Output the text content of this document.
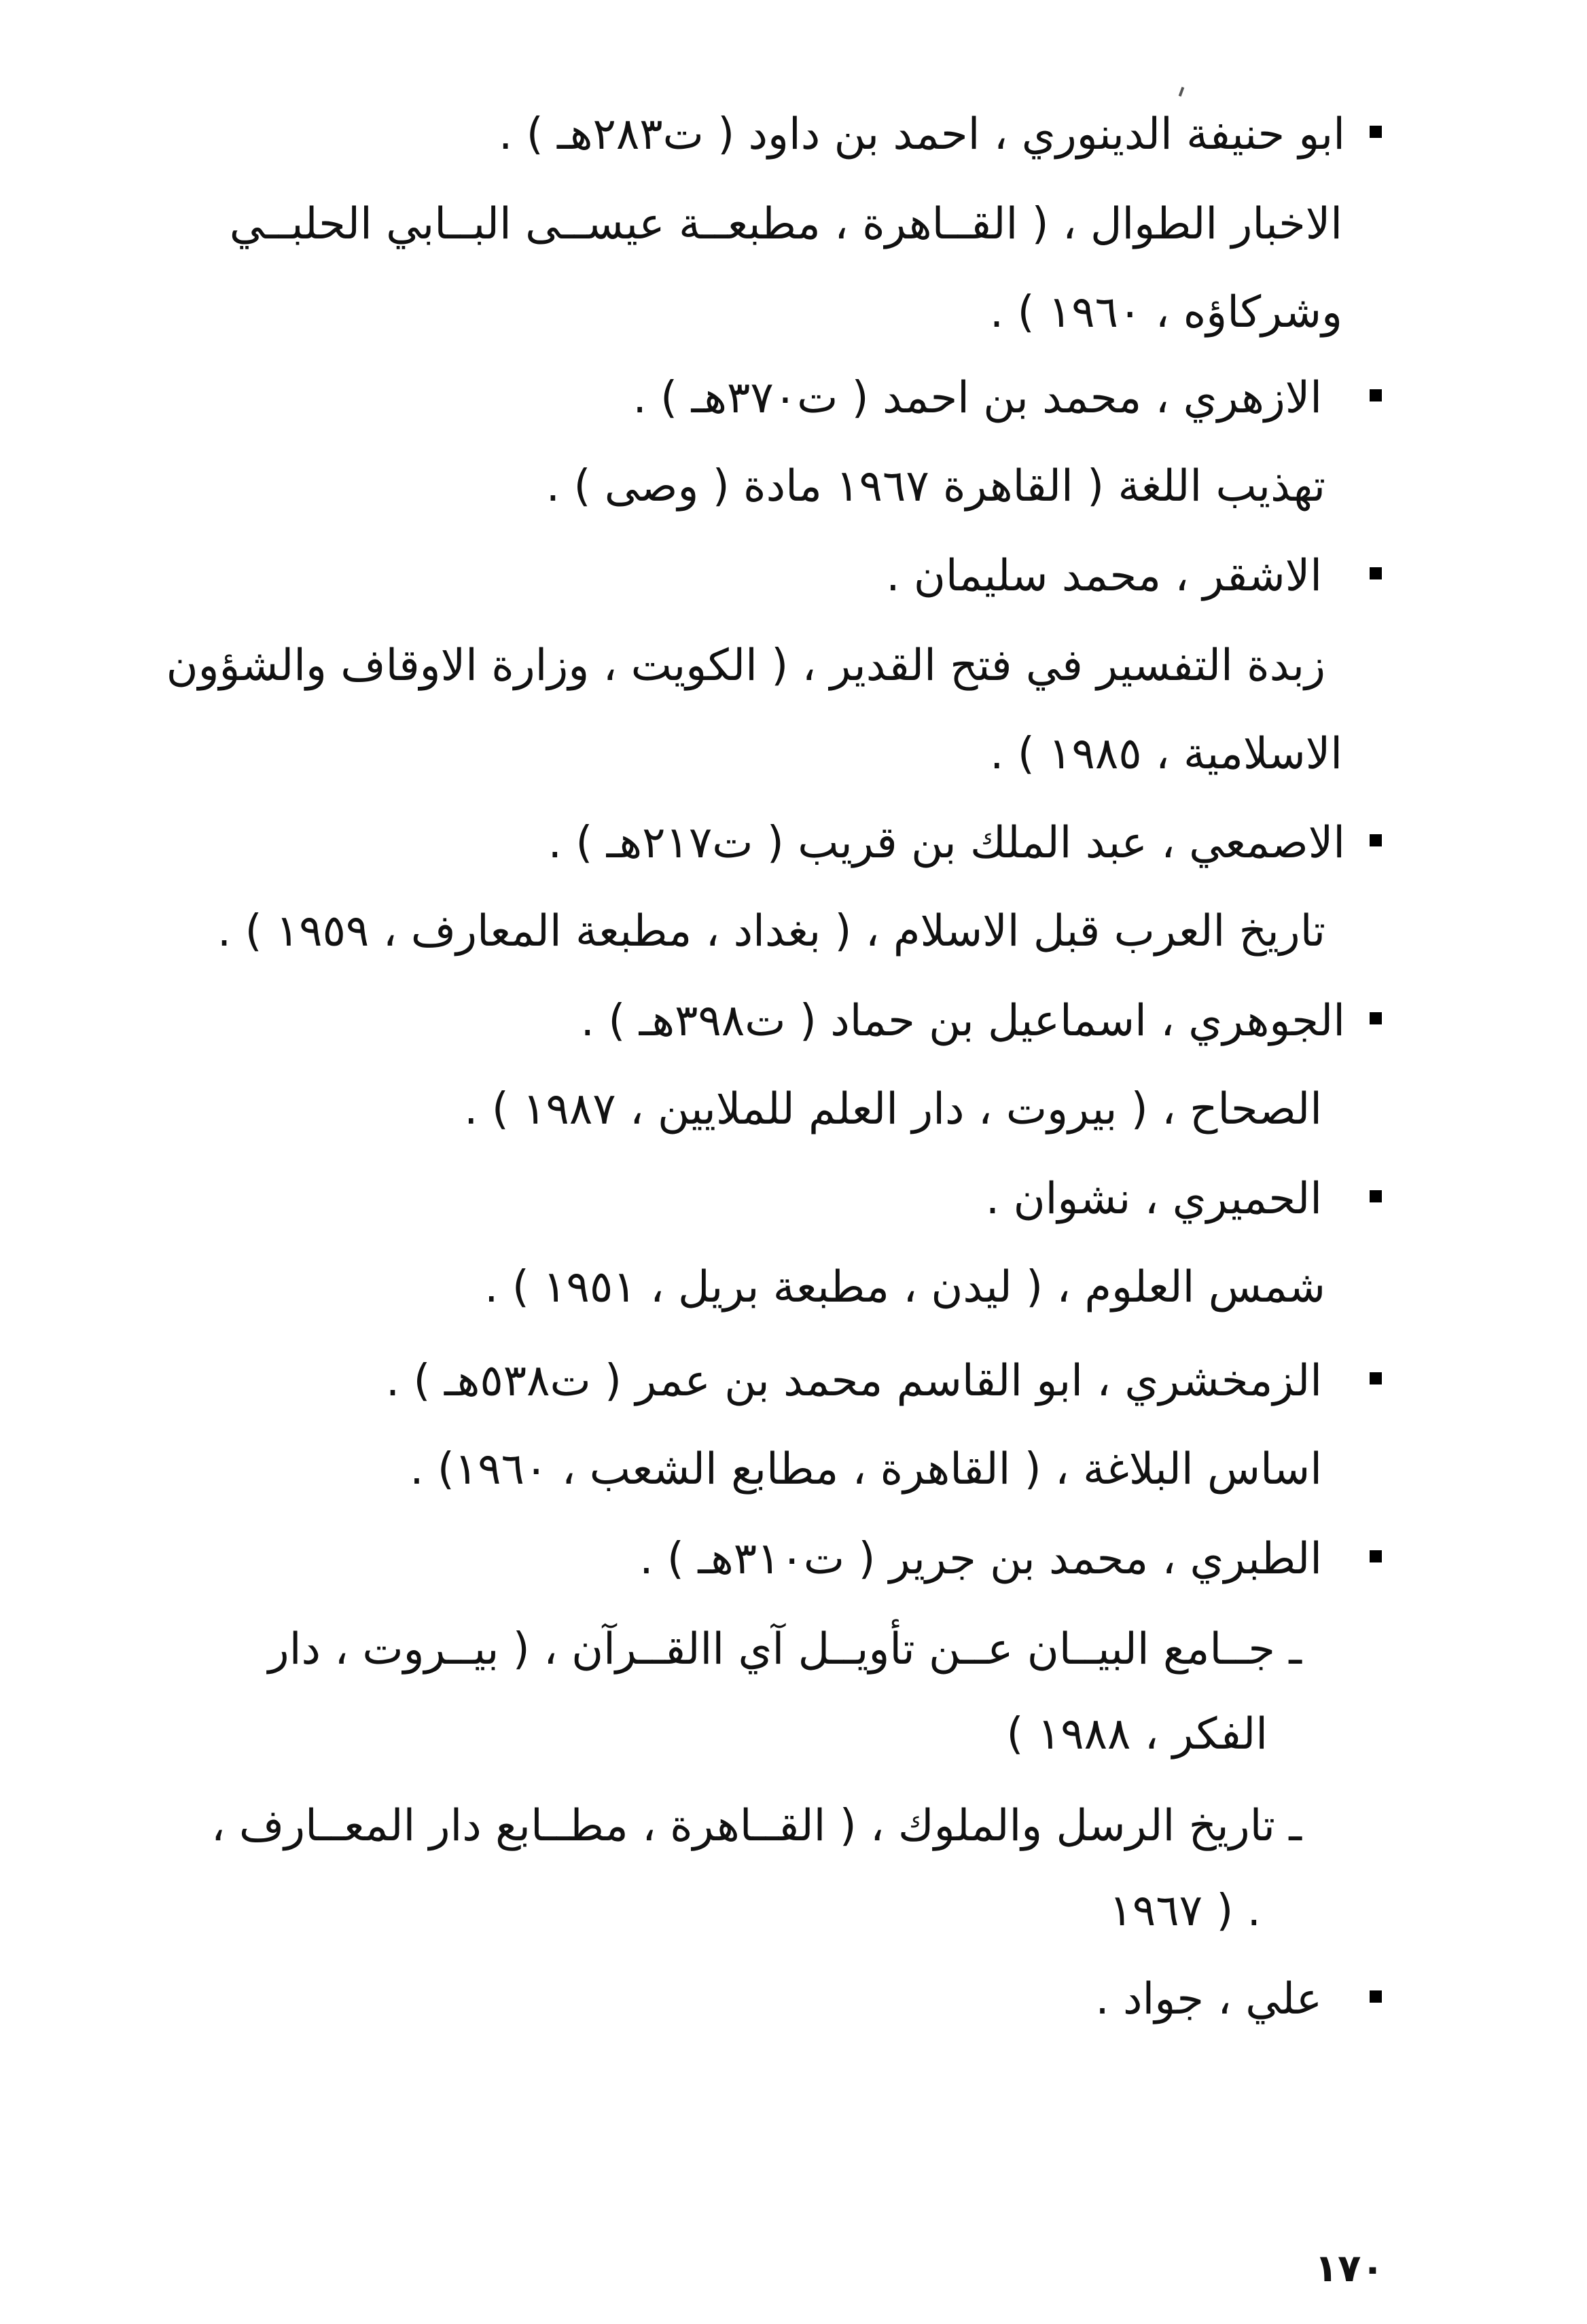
ابو حنيفة الدينوري ، احمد بن داود ( ت٢٨٣هـ ) .
الاخبار الطوال ، ( القــاهرة ، مطبعــة عيســى البــابي الحلبــي
وشركاؤه ، ١٩٦٠ ) .
الازهري ، محمد بن احمد ( ت٣٧٠هـ ) .
تهذيب اللغة ( القاهرة ١٩٦٧ مادة ( وصى ) .
الاشقر ، محمد سليمان .
زبدة التفسير في فتح القدير ، ( الكويت ، وزارة الاوقاف والشؤون
الاسلامية ، ١٩٨٥ ) .
الاصمعي ، عبد الملك بن قريب ( ت٢١٧هـ ) .
تاريخ العرب قبل الاسلام ، ( بغداد ، مطبعة المعارف ، ١٩٥٩ ) .
الجوهري ، اسماعيل بن حماد ( ت٣٩٨هـ ) .
الصحاح ، ( بيروت ، دار العلم للملايين ، ١٩٨٧ ) .
الحميري ، نشوان .
شمس العلوم ، ( ليدن ، مطبعة بريل ، ١٩٥١ ) .
الزمخشري ، ابو القاسم محمد بن عمر ( ت٥٣٨هـ ) .
اساس البلاغة ، ( القاهرة ، مطابع الشعب ، ١٩٦٠) .
الطبري ، محمد بن جرير ( ت٣١٠هـ ) .
ـ جــامع البيــان عــن تأويــل آي االقــرآن ، ( بيــروت ، دار
الفكر ، ١٩٨٨ )
ـ تاريخ الرسل والملوك ، ( القــاهرة ، مطــابع دار المعــارف ،
. ( ١٩٦٧
علي ، جواد .
١٧٠
